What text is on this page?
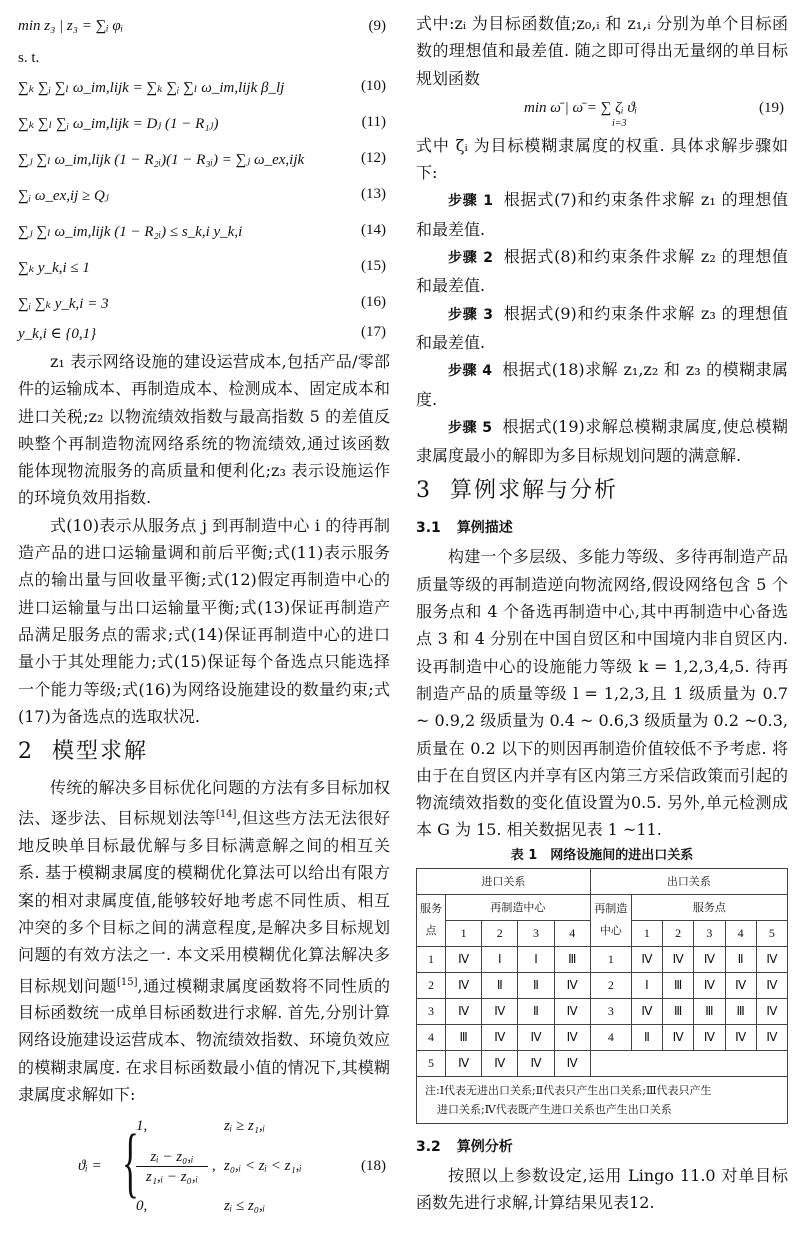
min z₃ | z₃ = ∑ᵢ φᵢ	(9)
s. t.
∑ₖ ∑ᵢ ∑ₗ ω_im,lijk = ∑ₖ ∑ᵢ ∑ₗ ω_im,lijk β_lj	(10)
∑ₖ ∑ₗ ∑ᵢ ω_im,lijk = Dⱼ (1 − R₁ⱼ)	(11)
∑ⱼ ∑ₗ ω_im,lijk (1 − R₂ᵢ)(1 − R₃ᵢ) = ∑ⱼ ω_ex,ijk	(12)
∑ᵢ ω_ex,ij ≥ Qⱼ	(13)
∑ⱼ ∑ₗ ω_im,lijk (1 − R₂ᵢ) ≤ s_k,i y_k,i	(14)
∑ₖ y_k,i ≤ 1	(15)
∑ᵢ ∑ₖ y_k,i = 3	(16)
y_k,i ∈ {0,1}	(17)

z₁ 表示网络设施的建设运营成本,包括产品/零部件的运输成本、再制造成本、检测成本、固定成本和进口关税;z₂ 以物流绩效指数与最高指数 5 的差值反映整个再制造物流网络系统的物流绩效,通过该函数能体现物流服务的高质量和便利化;z₃ 表示设施运作的环境负效用指数.

式(10)表示从服务点 j 到再制造中心 i 的待再制造产品的进口运输量调和前后平衡;式(11)表示服务点的输出量与回收量平衡;式(12)假定再制造中心的进口运输量与出口运输量平衡;式(13)保证再制造产品满足服务点的需求;式(14)保证再制造中心的进口量小于其处理能力;式(15)保证每个备选点只能选择一个能力等级;式(16)为网络设施建设的数量约束;式(17)为备选点的选取状况.

2 模型求解

传统的解决多目标优化问题的方法有多目标加权法、逐步法、目标规划法等[14],但这些方法无法很好地反映单目标最优解与多目标满意解之间的相互关系. 基于模糊隶属度的模糊优化算法可以给出有限方案的相对隶属度值,能够较好地考虑不同性质、相互冲突的多个目标之间的满意程度,是解决多目标规划问题的有效方法之一. 本文采用模糊优化算法解决多目标规划问题[15],通过模糊隶属度函数将不同性质的目标函数统一成单目标函数进行求解. 首先,分别计算网络设施建设运营成本、物流绩效指数、环境负效应的模糊隶属度. 在求目标函数最小值的情况下,其模糊隶属度求解如下:

ϑᵢ = {
1,	zᵢ ≥ z₁,ᵢ
zᵢ − z₀,ᵢ
z₁,ᵢ − z₀,ᵢ
, z₀,ᵢ < zᵢ < z₁,ᵢ
0,	zᵢ ≤ z₀,ᵢ
(18)

式中:zᵢ 为目标函数值;z₀,ᵢ 和 z₁,ᵢ 分别为单个目标函数的理想值和最差值. 随之即可得出无量纲的单目标规划函数

min ω̄ | ω̄ = ∑ ζᵢ ϑᵢ
i=3
(19)

式中 ζᵢ 为目标模糊隶属度的权重. 具体求解步骤如下:

步骤 1 根据式(7)和约束条件求解 z₁ 的理想值和最差值.

步骤 2 根据式(8)和约束条件求解 z₂ 的理想值和最差值.

步骤 3 根据式(9)和约束条件求解 z₃ 的理想值和最差值.

步骤 4 根据式(18)求解 z₁,z₂ 和 z₃ 的模糊隶属度.

步骤 5 根据式(19)求解总模糊隶属度,使总模糊隶属度最小的解即为多目标规划问题的满意解.

3 算例求解与分析
3.1 算例描述

构建一个多层级、多能力等级、多待再制造产品质量等级的再制造逆向物流网络,假设网络包含 5 个服务点和 4 个备选再制造中心,其中再制造中心备选点 3 和 4 分别在中国自贸区和中国境内非自贸区内. 设再制造中心的设施能力等级 k = 1,2,3,4,5. 待再制造产品的质量等级 l = 1,2,3,且 1 级质量为 0.7 ~ 0.9,2 级质量为 0.4 ~ 0.6,3 级质量为 0.2 ~0.3,质量在 0.2 以下的则因再制造价值较低不予考虑. 将由于在自贸区内并享有区内第三方采信政策而引起的物流绩效指数的变化值设置为0.5. 另外,单元检测成本 G 为 15. 相关数据见表 1 ~11.

表 1　网络设施间的进出口关系
进口关系					出口关系					
服务点	再制造中心				再制造中心	服务点				
	1	2	3	4		1	2	3	4	5
1	Ⅳ	Ⅰ	Ⅰ	Ⅲ	1	Ⅳ	Ⅳ	Ⅳ	Ⅱ	Ⅳ
2	Ⅳ	Ⅱ	Ⅱ	Ⅳ	2	Ⅰ	Ⅲ	Ⅳ	Ⅳ	Ⅳ
3	Ⅳ	Ⅳ	Ⅱ	Ⅳ	3	Ⅳ	Ⅲ	Ⅲ	Ⅲ	Ⅳ
4	Ⅲ	Ⅳ	Ⅳ	Ⅳ	4	Ⅱ	Ⅳ	Ⅳ	Ⅳ	Ⅳ
5	Ⅳ	Ⅳ	Ⅳ	Ⅳ						
注:Ⅰ代表无进出口关系;Ⅱ代表只产生出口关系;Ⅲ代表只产生
进口关系;Ⅳ代表既产生进口关系也产生出口关系
3.2 算例分析

按照以上参数设定,运用 Lingo 11.0 对单目标函数先进行求解,计算结果见表12.
